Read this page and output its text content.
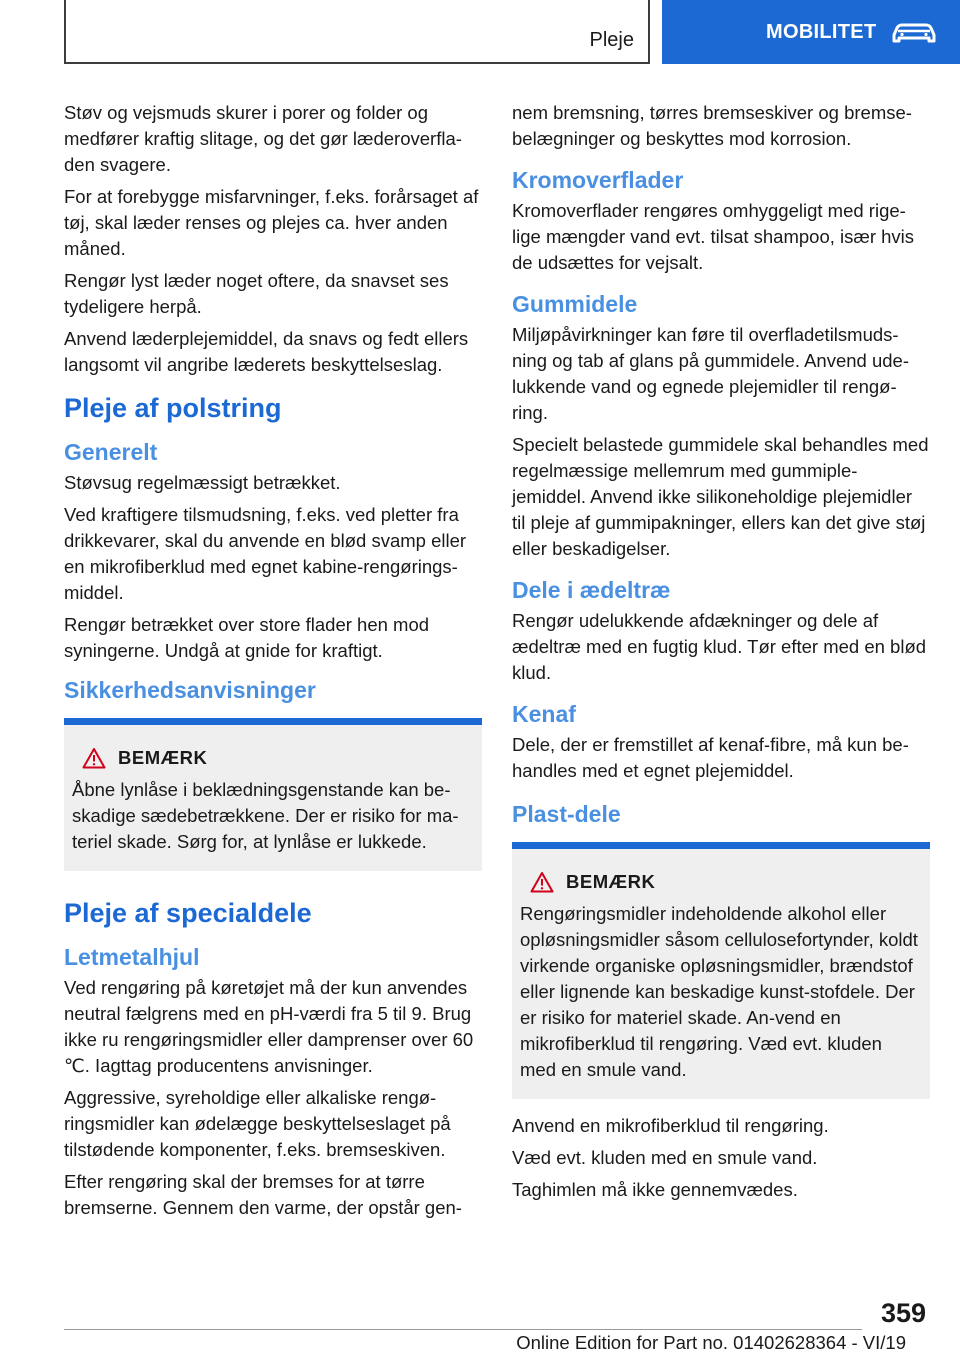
Pleje	MOBILITET

Støv og vejsmuds skurer i porer og folder og medfører kraftig slitage, og det gør læderoverfla-den svagere.

For at forebygge misfarvninger, f.eks. forårsaget af tøj, skal læder renses og plejes ca. hver anden måned.

Rengør lyst læder noget oftere, da snavset ses tydeligere herpå.

Anvend læderplejemiddel, da snavs og fedt ellers langsomt vil angribe læderets beskyttelseslag.

Pleje af polstring
Generelt

Støvsug regelmæssigt betrækket.

Ved kraftigere tilsmudsning, f.eks. ved pletter fra drikkevarer, skal du anvende en blød svamp eller en mikrofiberklud med egnet kabine-rengørings-middel.

Rengør betrækket over store flader hen mod syningerne. Undgå at gnide for kraftigt.

Sikkerhedsanvisninger
BEMÆRK

Åbne lynlåse i beklædningsgenstande kan be-skadige sædebetrækkene. Der er risiko for ma-teriel skade. Sørg for, at lynlåse er lukkede.

Pleje af specialdele
Letmetalhjul

Ved rengøring på køretøjet må der kun anvendes neutral fælgrens med en pH-værdi fra 5 til 9. Brug ikke ru rengøringsmidler eller damprenser over 60 ℃. Iagttag producentens anvisninger.

Aggressive, syreholdige eller alkaliske rengø-ringsmidler kan ødelægge beskyttelseslaget på tilstødende komponenter, f.eks. bremseskiven.

Efter rengøring skal der bremses for at tørre bremserne. Gennem den varme, der opstår gen-

nem bremsning, tørres bremseskiver og bremse-belægninger og beskyttes mod korrosion.

Kromoverflader

Kromoverflader rengøres omhyggeligt med rige-lige mængder vand evt. tilsat shampoo, især hvis de udsættes for vejsalt.

Gummidele

Miljøpåvirkninger kan føre til overfladetilsmuds-ning og tab af glans på gummidele. Anvend ude-lukkende vand og egnede plejemidler til rengø-ring.

Specielt belastede gummidele skal behandles med regelmæssige mellemrum med gummiple-jemiddel. Anvend ikke silikoneholdige plejemidler til pleje af gummipakninger, ellers kan det give støj eller beskadigelser.

Dele i ædeltræ

Rengør udelukkende afdækninger og dele af ædeltræ med en fugtig klud. Tør efter med en blød klud.

Kenaf

Dele, der er fremstillet af kenaf-fibre, må kun be-handles med et egnet plejemiddel.

Plast-dele
BEMÆRK

Rengøringsmidler indeholdende alkohol eller opløsningsmidler såsom cellulosefortynder, koldt virkende organiske opløsningsmidler, brændstof eller lignende kan beskadige kunst-stofdele. Der er risiko for materiel skade. An-vend en mikrofiberklud til rengøring. Væd evt. kluden med en smule vand.

Anvend en mikrofiberklud til rengøring.

Væd evt. kluden med en smule vand.

Taghimlen må ikke gennemvædes.

359
Online Edition for Part no. 01402628364 - VI/19
